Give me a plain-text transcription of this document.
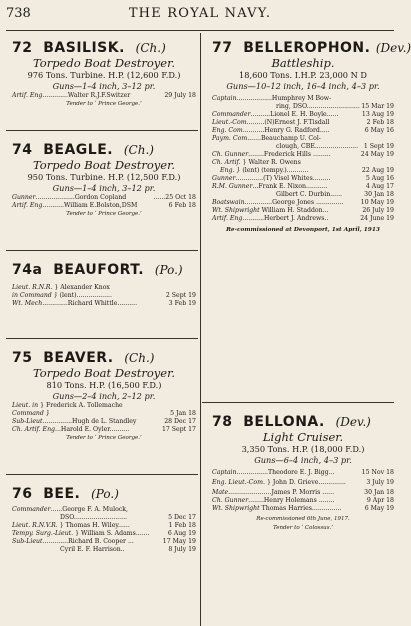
738	THE ROYAL NAVY.
72 BASILISK. (Ch.)
Torpedo Boat Destroyer.
976 Tons. Turbine. H.P. (12,600 F.D.)
Guns—1–4 inch, 3–12 pr.
Artif. Eng.............Walter R.J.F.Switzer	29 July 18
Tender to ‘ Prince George.’
74 BEAGLE. (Ch.)
Torpedo Boat Destroyer.
950 Tons. Turbine. H.P. (12,500 F.D.)
Guns—1–4 inch, 3–12 pr.
Gunner....................Gordon Copland	......25 Oct 18
Artif. Eng...........William E.Bolston,DSM	6 Feb 18
Tender to ‘ Prince George.’
74a BEAUFORT. (Po.)
Lieut. R.N.R. } Alexander Knox
in Command } (lent)..................	2 Sept 19
Wt. Mech.............Richard Whittle..........	3 Feb 19
75 BEAVER. (Ch.)
Torpedo Boat Destroyer.
810 Tons. H.P. (16,500 F.D.)
Guns—2–4 inch, 2–12 pr.
Lieut. in } Frederick A. Tollemache
Command }	5 Jan 18
Sub-Lieut...............Hugh de L. Standley	28 Dec 17
Ch. Artif. Eng...Harold E. Oyler..........	17 Sept 17
Tender to ‘ Prince George.’
76 BEE. (Po.)
Commander......George F. A. Mulock,
DSO...........................	5 Dec 17
Lieut. R.N.V.R. } Thomas H. Wiley......	1 Feb 18
Tempy. Surg.-Lieut. } William S. Adams.......	6 Aug 19
Sub-Lieut.............Richard B. Cooper ...	17 May 19
Cyril E. F. Harrison..	8 July 19
77 BELLEROPHON. (Dev.)
Battleship.
18,600 Tons. I.H.P. 23,000 N D
Guns—10–12 inch, 16–4 inch, 4–3 pr.
Captain..................Humphrey M Bow-
ring, DSO........................... 15 Mar 19
Commander..........Lionel E. H. Boyle......	13 Aug 19
Lieut.-Com.........(N)Ernest J. F.Tisdall	2 Feb 18
Eng. Com...........Henry G. Radford.....	6 May 16
Paym. Com.......Beauchamp U. Col-
clough, CBE...................... 1 Sept 19
Ch. Gunner........Frederick Hills .........	24 May 19
Ch. Artif. } Walter R. Owens
Eng. } (lent) (tempy.)...........	22 Aug 19
Gunner..............(T) Visel Whites.........	5 Aug 16
R.M. Gunner...Frank E. Nixon...........	4 Aug 17
Gilbert C. Durbin......	30 Jan 18
Boatswain..............George Jones ..............	10 May 19
Wt. Shipwright William H. Staddon...	26 July 19
Artif. Eng...........Herbert J. Andrews..	24 June 19
Re-commissioned at Devonport, 1st April, 1913
78 BELLONA. (Dev.)
Light Cruiser.
3,350 Tons. H.P. (18,000 F.D.)
Guns—6–4 inch, 4–3 pr.
Captain................Theodore E. J. Bigg...	15 Nov 18
Eng. Lieut.-Com. } John D. Grieve..............	3 July 19
Mate......................James P. Morris ......	30 Jan 18
Ch. Gunner........Henry Holemans ........	9 Apr 18
Wt. Shipwright Thomas Harries...............	6 May 19
Re-commissioned 6th June, 1917.
Tender to ‘ Colossus.’
